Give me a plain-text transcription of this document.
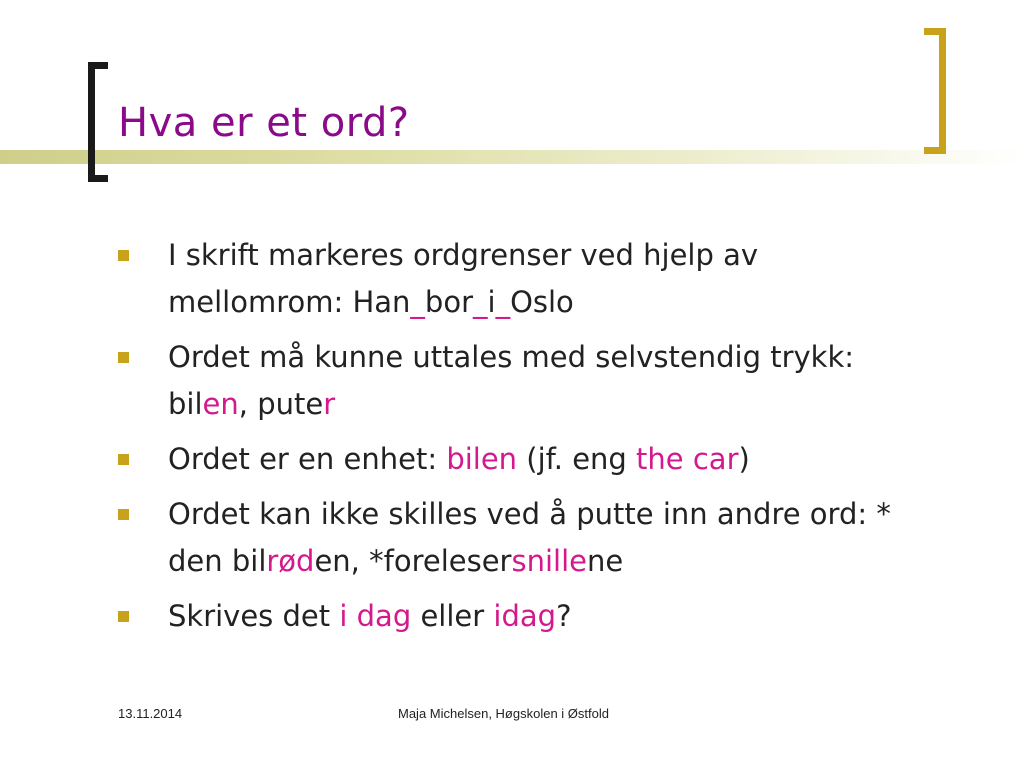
Hva er et ord?
I skrift markeres ordgrenser ved hjelp av mellomrom: Han_bor_i_Oslo
Ordet må kunne uttales med selvstendig trykk: bilen, puter
Ordet er en enhet: bilen (jf. eng the car)
Ordet kan ikke skilles ved å putte inn andre ord: * den bilrøden, *forelesersnillene
Skrives det i dag eller idag?
13.11.2014	Maja Michelsen, Høgskolen i Østfold
